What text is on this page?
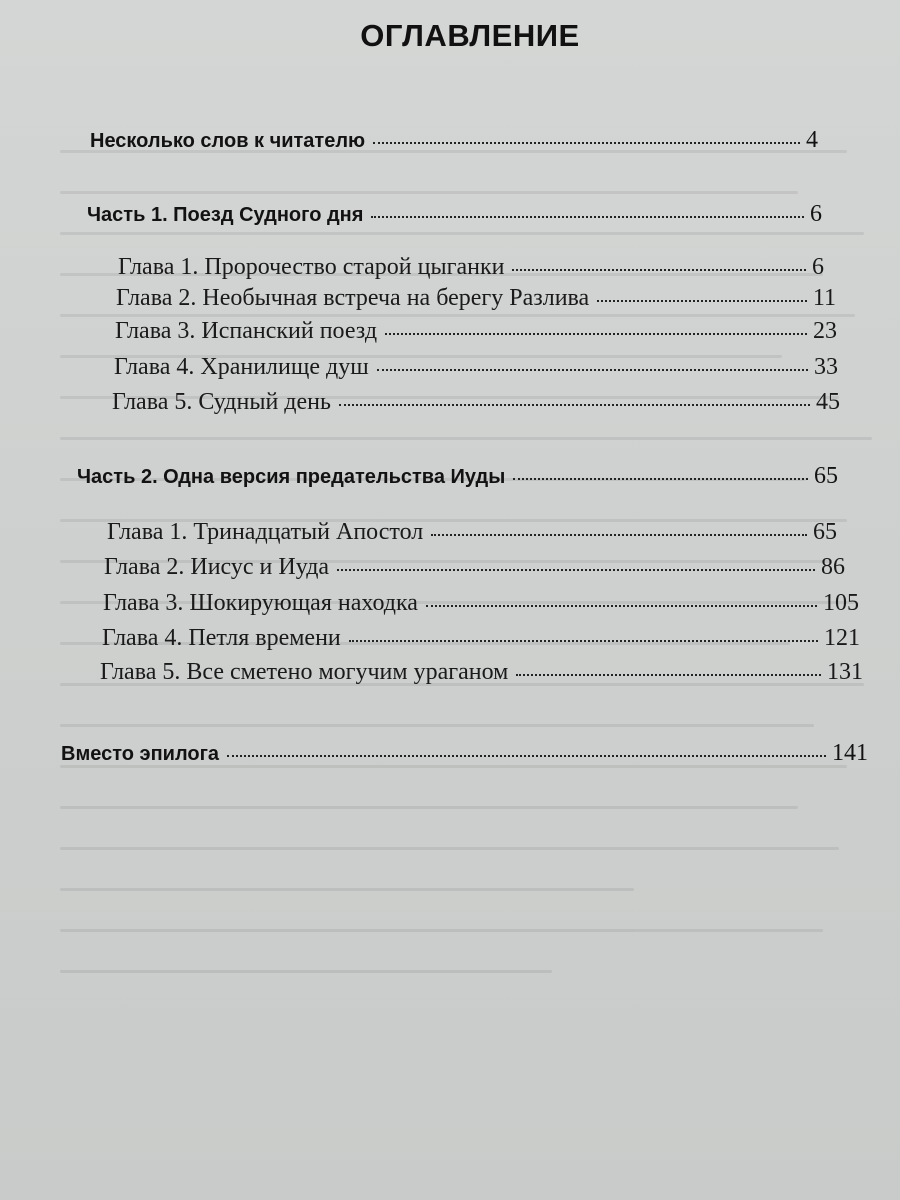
ОГЛАВЛЕНИЕ
Несколько слов к читателю	4
Часть 1. Поезд Судного дня	6
Глава 1. Пророчество старой цыганки	6
Глава 2. Необычная встреча на берегу Разлива	11
Глава 3. Испанский поезд	23
Глава 4. Хранилище душ	33
Глава 5. Судный день	45
Часть 2. Одна версия предательства Иуды	65
Глава 1. Тринадцатый Апостол	65
Глава 2. Иисус и Иуда	86
Глава 3. Шокирующая находка	105
Глава 4. Петля времени	121
Глава 5. Все сметено могучим ураганом	131
Вместо эпилога	141
